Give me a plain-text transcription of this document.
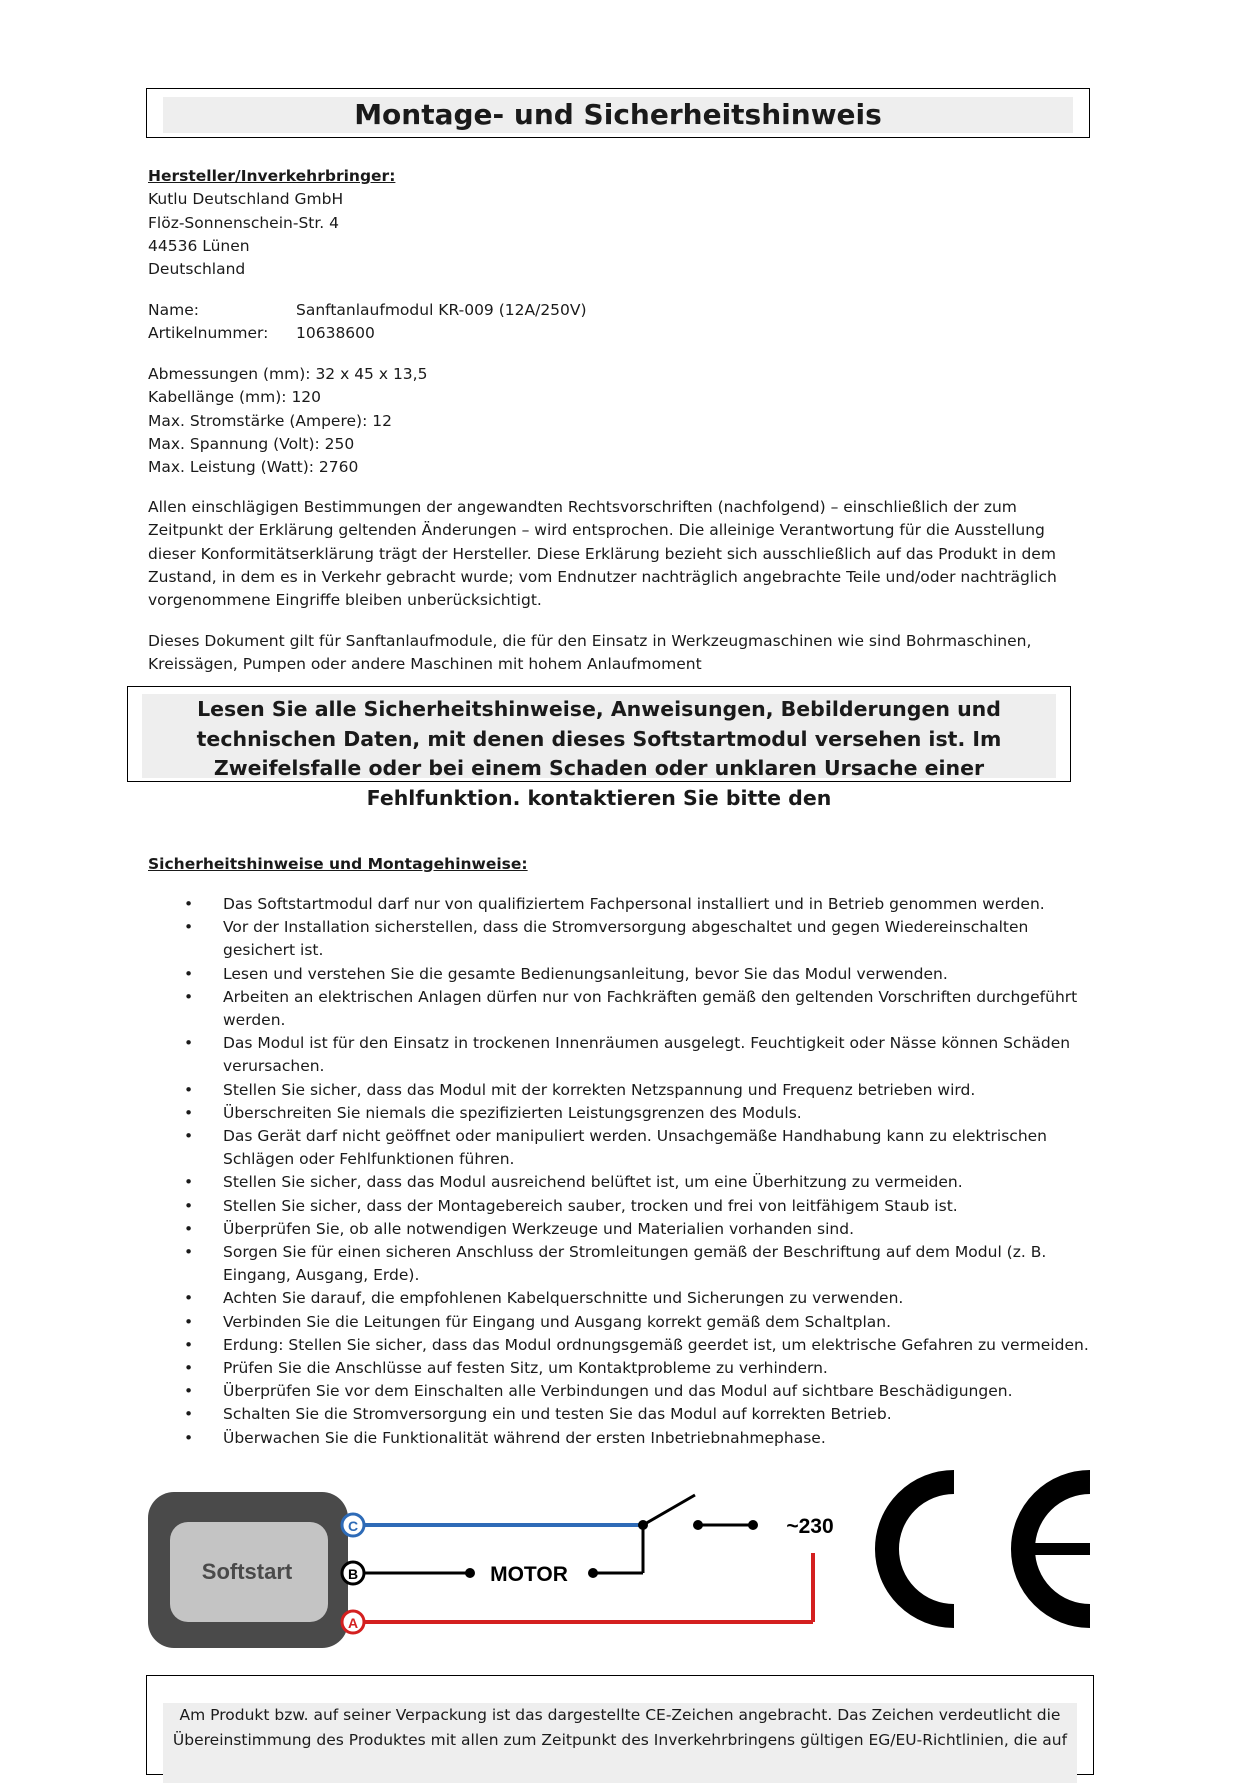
Montage- und Sicherheitshinweis
Hersteller/Inverkehrbringer:
Kutlu Deutschland GmbH
Flöz-Sonnenschein-Str. 4
44536 Lünen
Deutschland
Name:	Sanftanlaufmodul KR-009 (12A/250V)
Artikelnummer:	10638600
Abmessungen (mm): 32 x 45 x 13,5
Kabellänge (mm): 120
Max. Stromstärke (Ampere): 12
Max. Spannung (Volt): 250
Max. Leistung (Watt): 2760
Allen einschlägigen Bestimmungen der angewandten Rechtsvorschriften (nachfolgend) – einschließlich der zum Zeitpunkt der Erklärung geltenden Änderungen – wird entsprochen. Die alleinige Verantwortung für die Ausstellung dieser Konformitätserklärung trägt der Hersteller. Diese Erklärung bezieht sich ausschließlich auf das Produkt in dem Zustand, in dem es in Verkehr gebracht wurde; vom Endnutzer nachträglich angebrachte Teile und/oder nachträglich vorgenommene Eingriffe bleiben unberücksichtigt.
Dieses Dokument gilt für Sanftanlaufmodule, die für den Einsatz in Werkzeugmaschinen wie sind Bohrmaschinen, Kreissägen, Pumpen oder andere Maschinen mit hohem Anlaufmoment
Lesen Sie alle Sicherheitshinweise, Anweisungen, Bebilderungen und technischen Daten, mit denen dieses Softstartmodul versehen ist. Im Zweifelsfalle oder bei einem Schaden oder unklaren Ursache einer Fehlfunktion. kontaktieren Sie bitte den
Sicherheitshinweise und Montagehinweise:
• Das Softstartmodul darf nur von qualifiziertem Fachpersonal installiert und in Betrieb genommen werden.
• Vor der Installation sicherstellen, dass die Stromversorgung abgeschaltet und gegen Wiedereinschalten gesichert ist.
• Lesen und verstehen Sie die gesamte Bedienungsanleitung, bevor Sie das Modul verwenden.
• Arbeiten an elektrischen Anlagen dürfen nur von Fachkräften gemäß den geltenden Vorschriften durchgeführt werden.
• Das Modul ist für den Einsatz in trockenen Innenräumen ausgelegt. Feuchtigkeit oder Nässe können Schäden verursachen.
• Stellen Sie sicher, dass das Modul mit der korrekten Netzspannung und Frequenz betrieben wird.
• Überschreiten Sie niemals die spezifizierten Leistungsgrenzen des Moduls.
• Das Gerät darf nicht geöffnet oder manipuliert werden. Unsachgemäße Handhabung kann zu elektrischen Schlägen oder Fehlfunktionen führen.
• Stellen Sie sicher, dass das Modul ausreichend belüftet ist, um eine Überhitzung zu vermeiden.
• Stellen Sie sicher, dass der Montagebereich sauber, trocken und frei von leitfähigem Staub ist.
• Überprüfen Sie, ob alle notwendigen Werkzeuge und Materialien vorhanden sind.
• Sorgen Sie für einen sicheren Anschluss der Stromleitungen gemäß der Beschriftung auf dem Modul (z. B. Eingang, Ausgang, Erde).
• Achten Sie darauf, die empfohlenen Kabelquerschnitte und Sicherungen zu verwenden.
• Verbinden Sie die Leitungen für Eingang und Ausgang korrekt gemäß dem Schaltplan.
• Erdung: Stellen Sie sicher, dass das Modul ordnungsgemäß geerdet ist, um elektrische Gefahren zu vermeiden.
• Prüfen Sie die Anschlüsse auf festen Sitz, um Kontaktprobleme zu verhindern.
• Überprüfen Sie vor dem Einschalten alle Verbindungen und das Modul auf sichtbare Beschädigungen.
• Schalten Sie die Stromversorgung ein und testen Sie das Modul auf korrekten Betrieb.
• Überwachen Sie die Funktionalität während der ersten Inbetriebnahmephase.
Softstart	MOTOR
~230
C
B
A
Am Produkt bzw. auf seiner Verpackung ist das dargestellte CE-Zeichen angebracht. Das Zeichen verdeutlicht die Übereinstimmung des Produktes mit allen zum Zeitpunkt des Inverkehrbringens gültigen EG/EU-Richtlinien, die auf
